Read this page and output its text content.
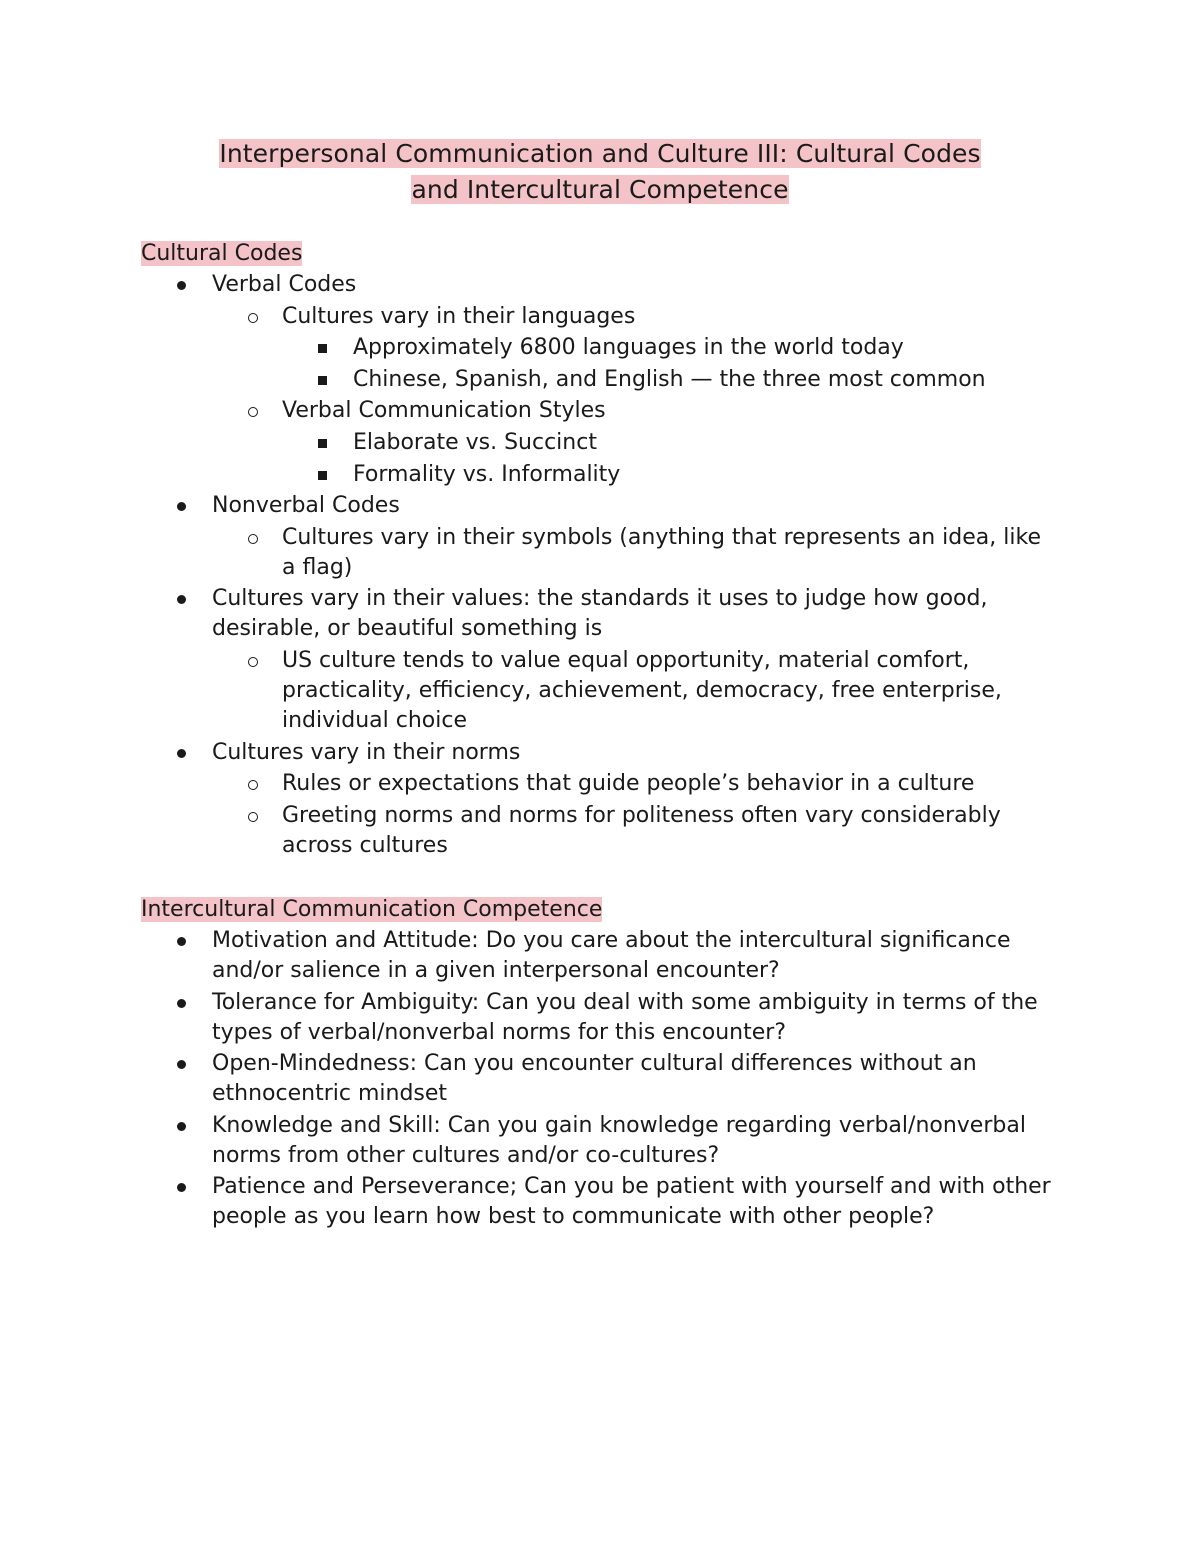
Interpersonal Communication and Culture III: Cultural Codes
and Intercultural Competence
Cultural Codes
Verbal Codes
Cultures vary in their languages
Approximately 6800 languages in the world today
Chinese, Spanish, and English — the three most common
Verbal Communication Styles
Elaborate vs. Succinct
Formality vs. Informality
Nonverbal Codes
Cultures vary in their symbols (anything that represents an idea, like a flag)
Cultures vary in their values: the standards it uses to judge how good, desirable, or beautiful something is
US culture tends to value equal opportunity, material comfort, practicality, efficiency, achievement, democracy, free enterprise, individual choice
Cultures vary in their norms
Rules or expectations that guide people’s behavior in a culture
Greeting norms and norms for politeness often vary considerably across cultures
Intercultural Communication Competence
Motivation and Attitude: Do you care about the intercultural significance and/or salience in a given interpersonal encounter?
Tolerance for Ambiguity: Can you deal with some ambiguity in terms of the types of verbal/nonverbal norms for this encounter?
Open-Mindedness: Can you encounter cultural differences without an ethnocentric mindset
Knowledge and Skill: Can you gain knowledge regarding verbal/nonverbal norms from other cultures and/or co-cultures?
Patience and Perseverance; Can you be patient with yourself and with other people as you learn how best to communicate with other people?
